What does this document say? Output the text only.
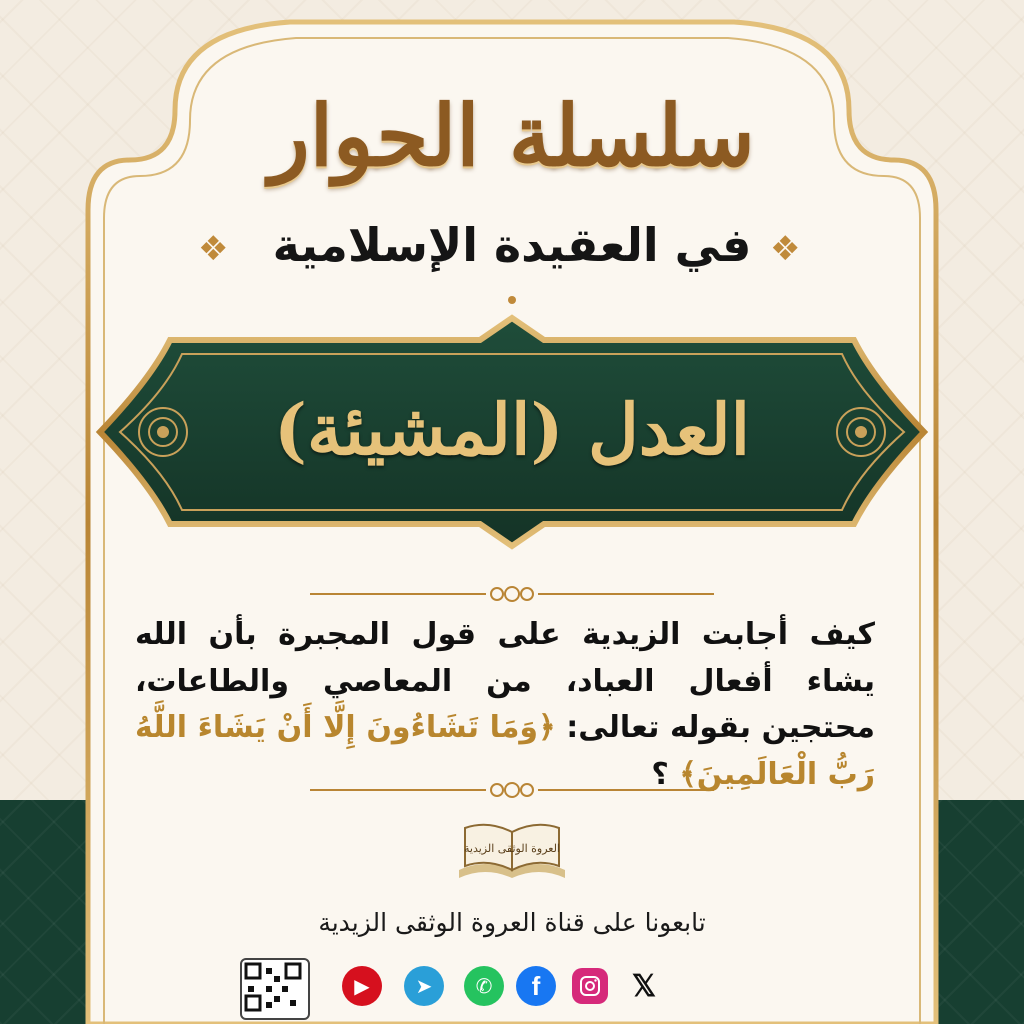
سلسلة الحوار
❖	❖
في العقيدة الإسلامية
العدل (المشيئة)
كيف أجابت الزيدية على قول المجبرة بأن الله يشاء أفعال العباد، من المعاصي والطاعات، محتجين بقوله تعالى: ﴿وَمَا تَشَاءُونَ إِلَّا أَنْ يَشَاءَ اللَّهُ رَبُّ الْعَالَمِينَ﴾ ؟
العروة الوثقى الزيدية
تابعونا على قناة العروة الوثقى الزيدية
▶	➤	✆	f	𝕏
